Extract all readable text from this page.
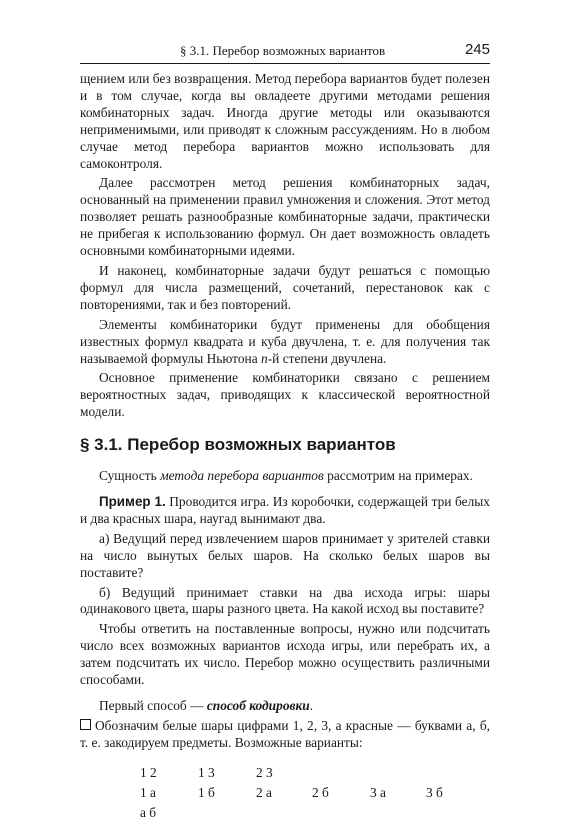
§ 3.1. Перебор возможных вариантов	245

щением или без возвращения. Метод перебора вариантов будет полезен и в том случае, когда вы овладеете другими методами решения комбинаторных задач. Иногда другие методы или оказываются неприменимыми, или приводят к сложным рассуждениям. Но в любом случае метод перебора вариантов можно использовать для самоконтроля.

Далее рассмотрен метод решения комбинаторных задач, основанный на применении правил умножения и сложения. Этот метод позволяет решать разнообразные комбинаторные задачи, практически не прибегая к использованию формул. Он дает возможность овладеть основными комбинаторными идеями.

И наконец, комбинаторные задачи будут решаться с помощью формул для числа размещений, сочетаний, перестановок как с повторениями, так и без повторений.

Элементы комбинаторики будут применены для обобщения известных формул квадрата и куба двучлена, т. е. для получения так называемой формулы Ньютона n-й степени двучлена.

Основное применение комбинаторики связано с решением вероятностных задач, приводящих к классической вероятностной модели.

§ 3.1. Перебор возможных вариантов

Сущность метода перебора вариантов рассмотрим на примерах.

Пример 1. Проводится игра. Из коробочки, содержащей три белых и два красных шара, наугад вынимают два.

а) Ведущий перед извлечением шаров принимает у зрителей ставки на число вынутых белых шаров. На сколько белых шаров вы поставите?

б) Ведущий принимает ставки на два исхода игры: шары одинакового цвета, шары разного цвета. На какой исход вы поставите?

Чтобы ответить на поставленные вопросы, нужно или подсчитать число всех возможных вариантов исхода игры, или перебрать их, а затем подсчитать их число. Перебор можно осуществить различными способами.

Первый способ — способ кодировки.

Обозначим белые шары цифрами 1, 2, 3, а красные — буквами а, б, т. е. закодируем предметы. Возможные варианты:

1 2	1 3	2 3
1 а	1 б	2 а	2 б	3 а	3 б
а б
